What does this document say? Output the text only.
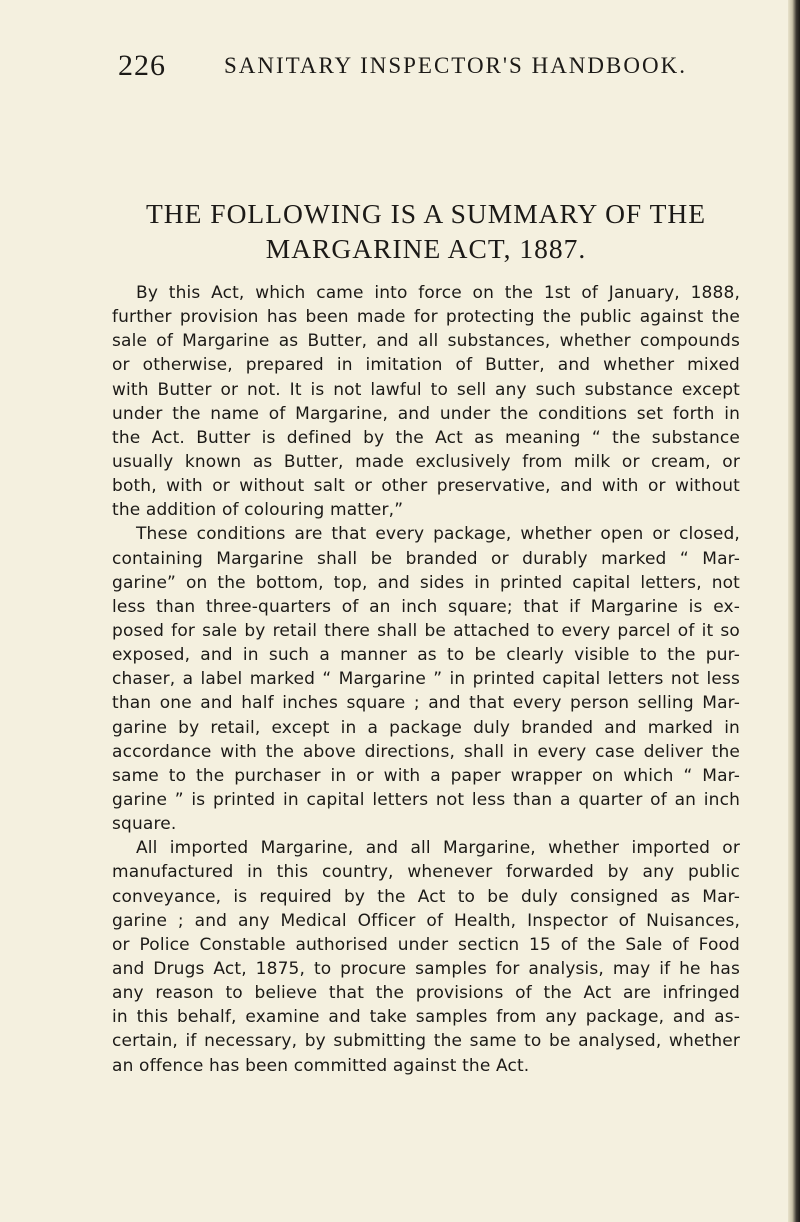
226	SANITARY INSPECTOR'S HANDBOOK.
THE FOLLOWING IS A SUMMARY OF THE
MARGARINE ACT, 1887.

By this Act, which came into force on the 1st of January, 1888,
further provision has been made for protecting the public against the
sale of Margarine as Butter, and all substances, whether compounds
or otherwise, prepared in imitation of Butter, and whether mixed
with Butter or not. It is not lawful to sell any such substance except
under the name of Margarine, and under the conditions set forth in
the Act. Butter is defined by the Act as meaning “ the substance
usually known as Butter, made exclusively from milk or cream, or
both, with or without salt or other preservative, and with or without
the addition of colouring matter,”

These conditions are that every package, whether open or closed,
containing Margarine shall be branded or durably marked “ Mar-
garine” on the bottom, top, and sides in printed capital letters, not
less than three-quarters of an inch square; that if Margarine is ex-
posed for sale by retail there shall be attached to every parcel of it so
exposed, and in such a manner as to be clearly visible to the pur-
chaser, a label marked “ Margarine ” in printed capital letters not less
than one and half inches square ; and that every person selling Mar-
garine by retail, except in a package duly branded and marked in
accordance with the above directions, shall in every case deliver the
same to the purchaser in or with a paper wrapper on which “ Mar-
garine ” is printed in capital letters not less than a quarter of an inch
square.

All imported Margarine, and all Margarine, whether imported or
manufactured in this country, whenever forwarded by any public
conveyance, is required by the Act to be duly consigned as Mar-
garine ; and any Medical Officer of Health, Inspector of Nuisances,
or Police Constable authorised under secticn 15 of the Sale of Food
and Drugs Act, 1875, to procure samples for analysis, may if he has
any reason to believe that the provisions of the Act are infringed
in this behalf, examine and take samples from any package, and as-
certain, if necessary, by submitting the same to be analysed, whether
an offence has been committed against the Act.
